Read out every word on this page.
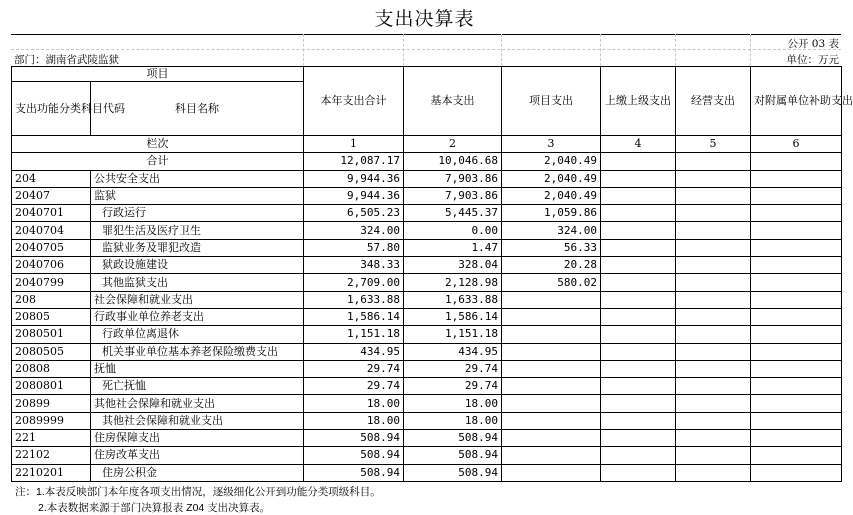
支出决算表
公开 03 表
部门：湖南省武陵监狱	单位：万元
项目		本年支出合计	基本支出	项目支出	上缴上级支出	经营支出	对附属单位补助支出
支出功能分类科目代码	科目名称						
栏次		1	2	3	4	5	6
合计		12,087.17	10,046.68	2,040.49			
204	公共安全支出	9,944.36	7,903.86	2,040.49			
20407	监狱	9,944.36	7,903.86	2,040.49			
2040701	行政运行	6,505.23	5,445.37	1,059.86			
2040704	罪犯生活及医疗卫生	324.00	0.00	324.00			
2040705	监狱业务及罪犯改造	57.80	1.47	56.33			
2040706	狱政设施建设	348.33	328.04	20.28			
2040799	其他监狱支出	2,709.00	2,128.98	580.02			
208	社会保障和就业支出	1,633.88	1,633.88				
20805	行政事业单位养老支出	1,586.14	1,586.14				
2080501	行政单位离退休	1,151.18	1,151.18				
2080505	机关事业单位基本养老保险缴费支出	434.95	434.95				
20808	抚恤	29.74	29.74				
2080801	死亡抚恤	29.74	29.74				
20899	其他社会保障和就业支出	18.00	18.00				
2089999	其他社会保障和就业支出	18.00	18.00				
221	住房保障支出	508.94	508.94				
22102	住房改革支出	508.94	508.94				
2210201	住房公积金	508.94	508.94				
注：1.本表反映部门本年度各项支出情况，逐级细化公开到功能分类项级科目。
2.本表数据来源于部门决算报表 Z04 支出决算表。
